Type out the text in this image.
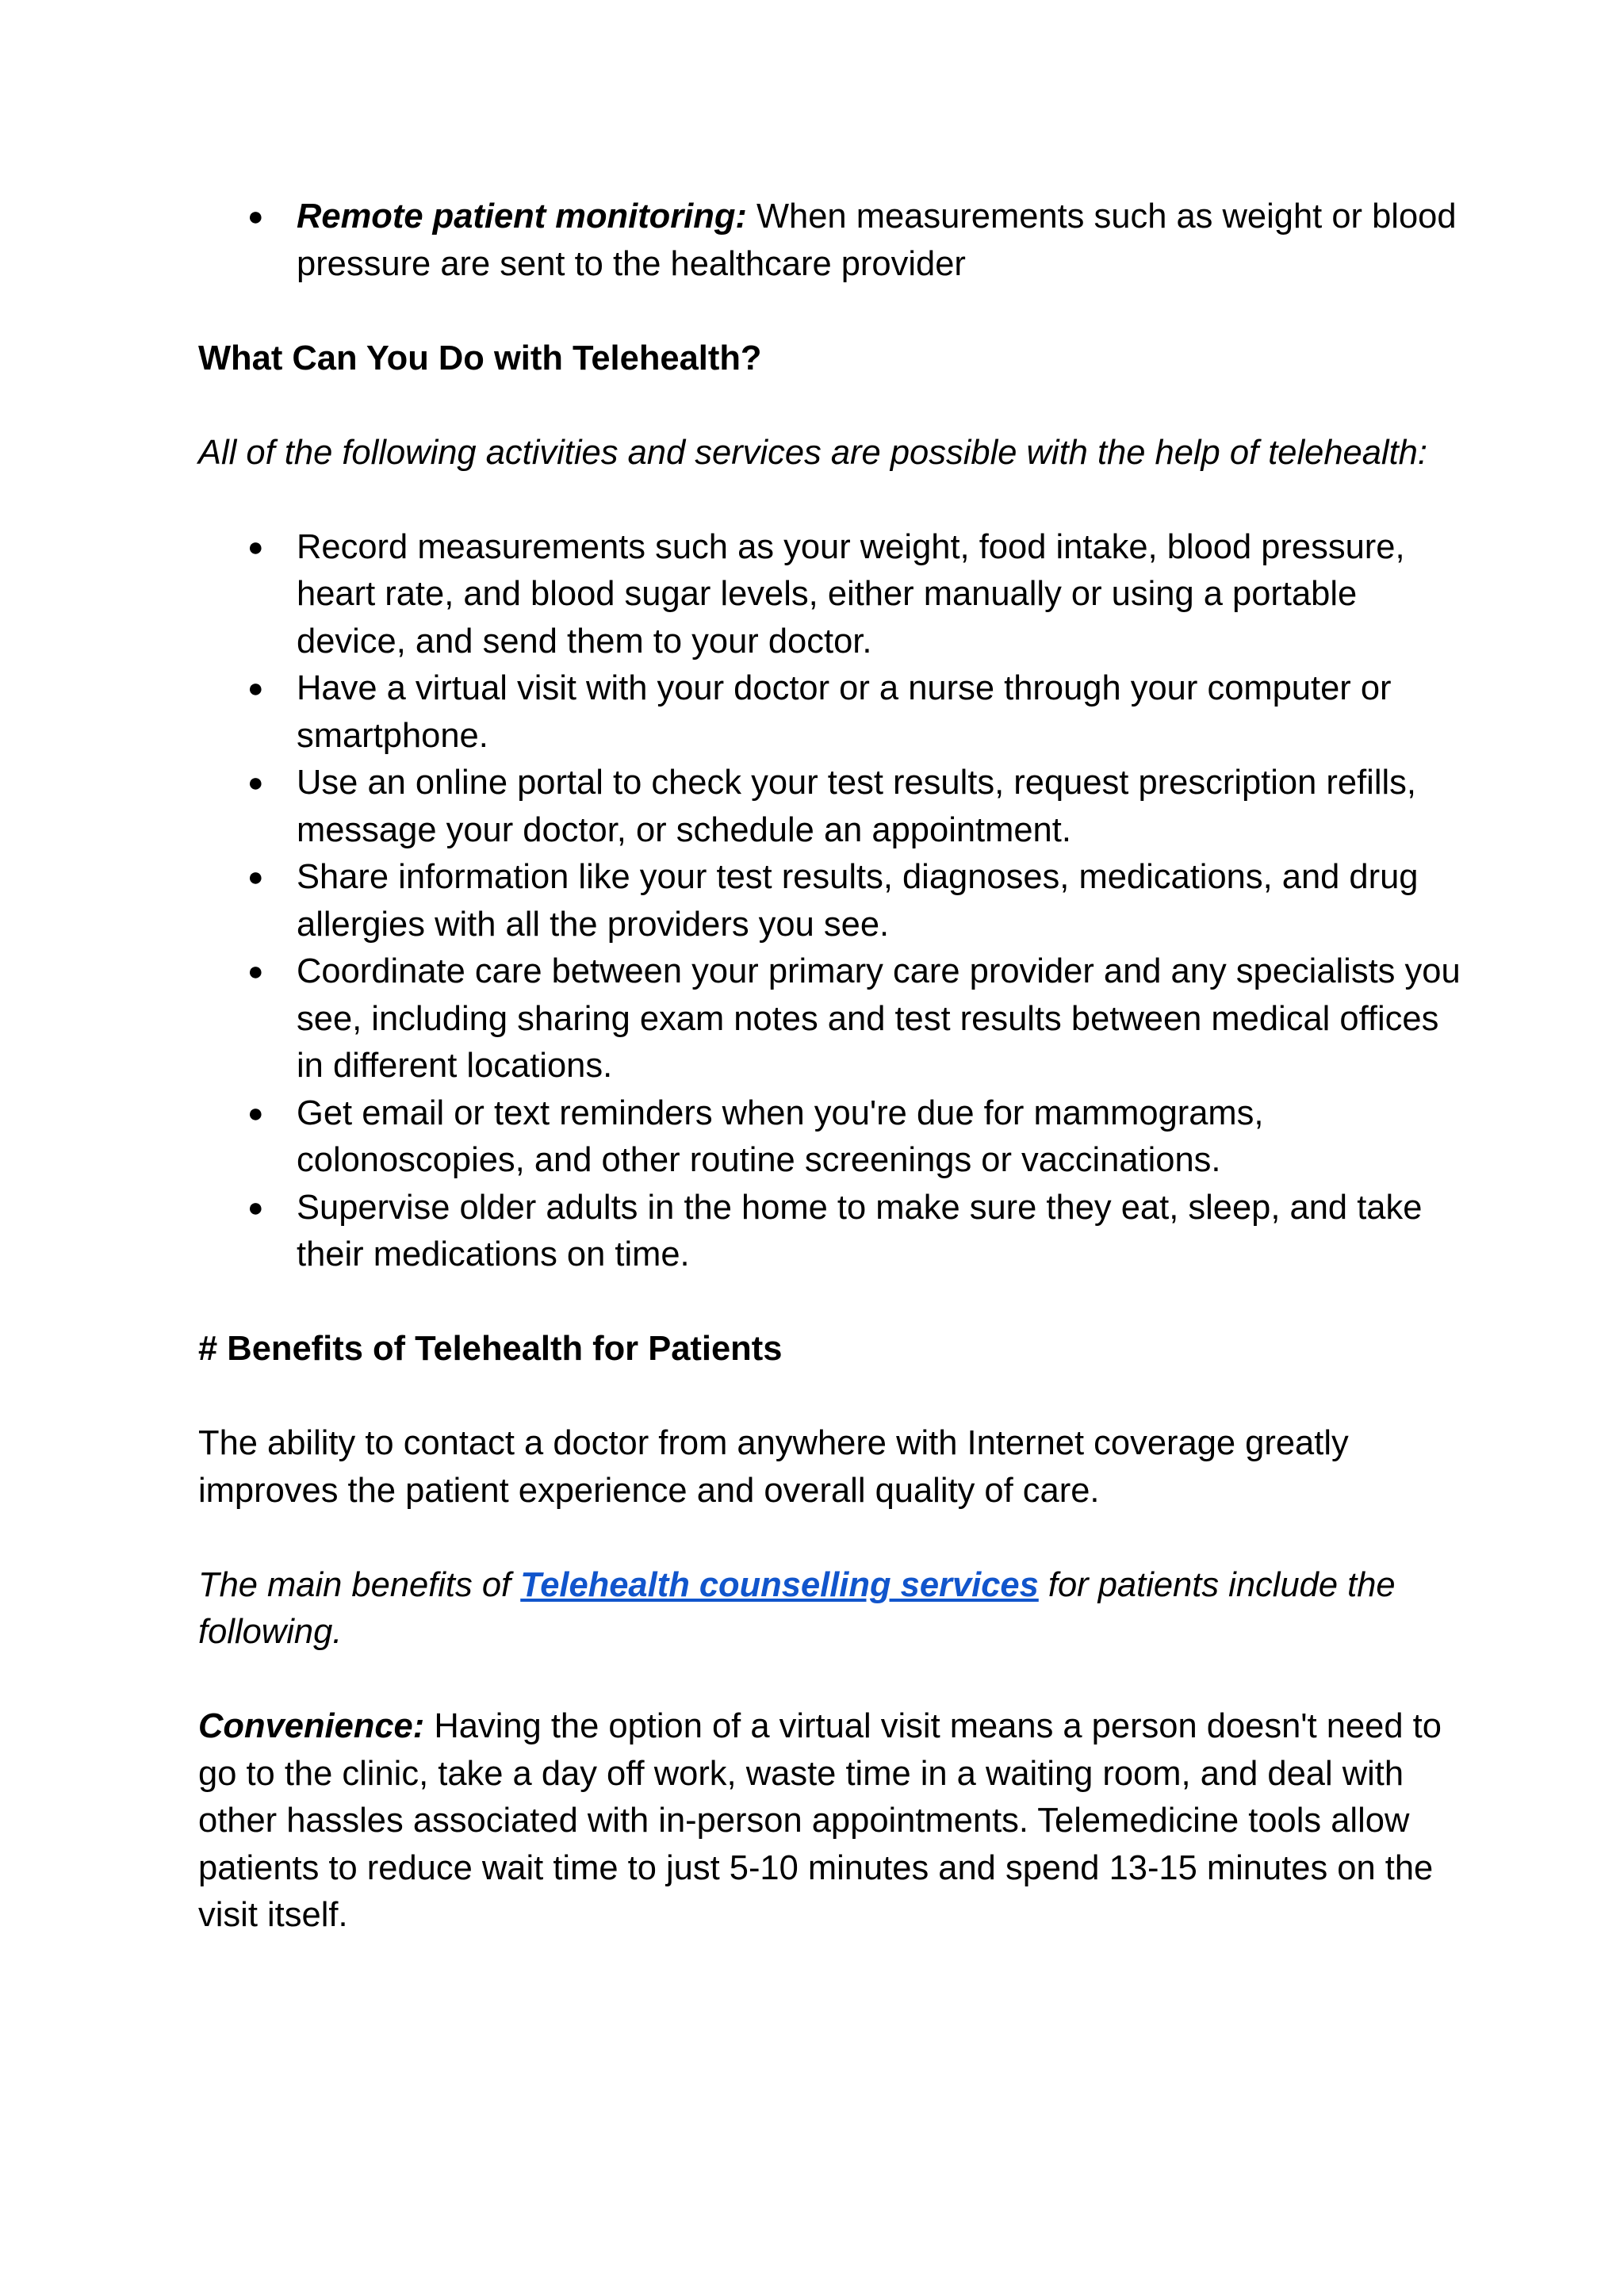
● Remote patient monitoring: When measurements such as weight or blood pressure are sent to the healthcare provider

What Can You Do with Telehealth?

All of the following activities and services are possible with the help of telehealth:

● Record measurements such as your weight, food intake, blood pressure, heart rate, and blood sugar levels, either manually or using a portable device, and send them to your doctor.
● Have a virtual visit with your doctor or a nurse through your computer or smartphone.
● Use an online portal to check your test results, request prescription refills, message your doctor, or schedule an appointment.
● Share information like your test results, diagnoses, medications, and drug allergies with all the providers you see.
● Coordinate care between your primary care provider and any specialists you see, including sharing exam notes and test results between medical offices in different locations.
● Get email or text reminders when you're due for mammograms, colonoscopies, and other routine screenings or vaccinations.
● Supervise older adults in the home to make sure they eat, sleep, and take their medications on time.

# Benefits of Telehealth for Patients

The ability to contact a doctor from anywhere with Internet coverage greatly improves the patient experience and overall quality of care.

The main benefits of Telehealth counselling services for patients include the following.

Convenience: Having the option of a virtual visit means a person doesn't need to go to the clinic, take a day off work, waste time in a waiting room, and deal with other hassles associated with in-person appointments. Telemedicine tools allow patients to reduce wait time to just 5-10 minutes and spend 13-15 minutes on the visit itself.
